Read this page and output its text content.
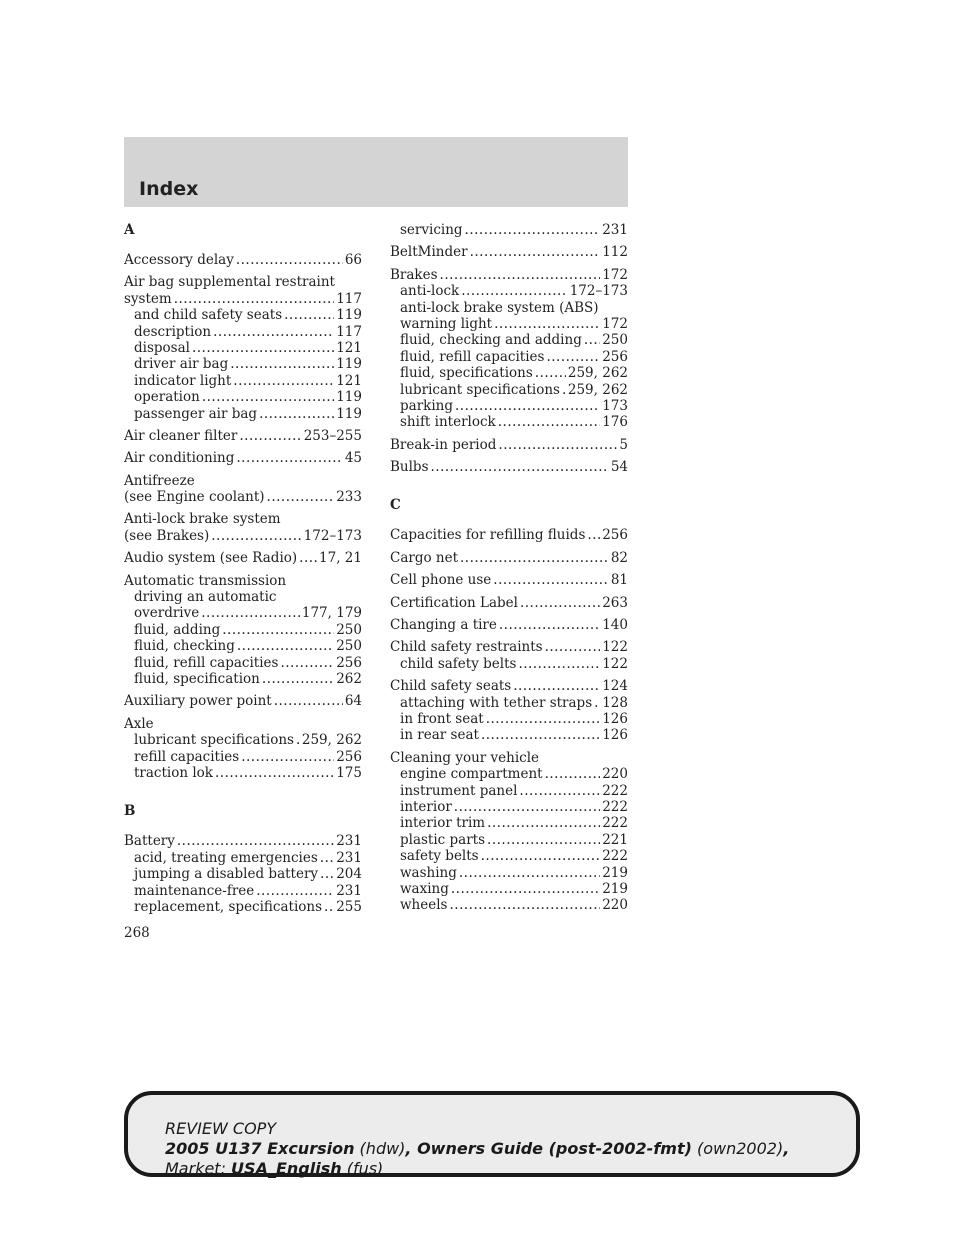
Index
A
Accessory delay .....	66
Air bag supplemental restraint
system .....	117
and child safety seats .....	119
description .....	117
disposal .....	121
driver air bag .....	119
indicator light .....	121
operation .....	119
passenger air bag .....	119
Air cleaner filter .....	253–255
Air conditioning .....	45
Antifreeze
(see Engine coolant) .....	233
Anti-lock brake system
(see Brakes) .....	172–173
Audio system (see Radio) ..... 17, 21
Automatic transmission
driving an automatic
overdrive .....	177, 179
fluid, adding .....	250
fluid, checking .....	250
fluid, refill capacities .....	256
fluid, specification .....	262
Auxiliary power point .....	64
Axle
lubricant specifications ..... 259, 262
refill capacities .....	256
traction lok .....	175
B
Battery .....	231
acid, treating emergencies ..... 231
jumping a disabled battery ..... 204
maintenance-free .....	231
replacement, specifications ..... 255
servicing .....	231
BeltMinder .....	112
Brakes .....	172
anti-lock .....	172–173
anti-lock brake system (ABS)
warning light .....	172
fluid, checking and adding ..... 250
fluid, refill capacities .....	256
fluid, specifications .....	259, 262
lubricant specifications ..... 259, 262
parking .....	173
shift interlock .....	176
Break-in period .....	5
Bulbs .....	54
C
Capacities for refilling fluids ..... 256
Cargo net .....	82
Cell phone use .....	81
Certification Label .....	263
Changing a tire .....	140
Child safety restraints .....	122
child safety belts .....	122
Child safety seats .....	124
attaching with tether straps ..... 128
in front seat .....	126
in rear seat .....	126
Cleaning your vehicle
engine compartment .....	220
instrument panel .....	222
interior .....	222
interior trim .....	222
plastic parts .....	221
safety belts .....	222
washing .....	219
waxing .....	219
wheels .....	220
268
REVIEW COPY
2005 U137 Excursion (hdw), Owners Guide (post-2002-fmt) (own2002),
Market: USA_English (fus)
